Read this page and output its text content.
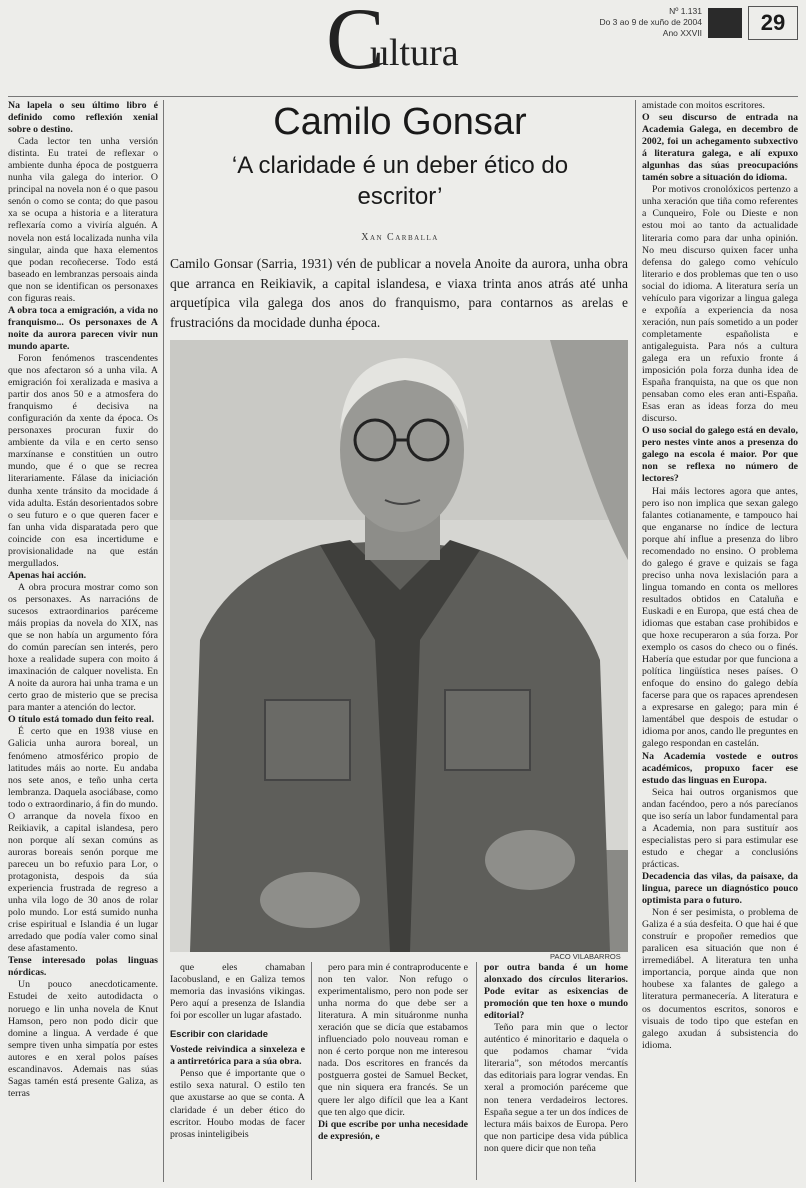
C
ultura
Nº 1.131
Do 3 ao 9 de xuño de 2004
Ano XXVII	29
Camilo Gonsar
‘A claridade é un deber ético do escritor’
Xan Carballa
Camilo Gonsar (Sarria, 1931) vén de publicar a novela Anoite da aurora, unha obra que arranca en Reikiavik, a capital islandesa, e viaxa trinta anos atrás até unha arquetípica vila galega dos anos do franquismo, para contarnos as arelas e frustracións da mocidade dunha época.
PACO VILABARROS

Na lapela o seu último libro é definido como reflexión xenial sobre o destino.

Cada lector ten unha versión distinta. Eu tratei de reflexar o ambiente dunha época de postguerra nunha vila galega do interior. O principal na novela non é o que pasou senón o como se conta; do que pasou xa se ocupa a historia e a literatura reflexaría como a viviría alguén. A novela non está localizada nunha vila singular, ainda que haxa elementos que podan recoñecerse. Todo está baseado en lembranzas persoais ainda que non se identifican os personaxes con figuras reais.

A obra toca a emigración, a vida no franquismo... Os personaxes de A noite da aurora parecen vivir nun mundo aparte.

Foron fenómenos trascendentes que nos afectaron só a unha vila. A emigración foi xeralizada e masiva a partir dos anos 50 e a atmosfera do franquismo é decisiva na configuración da xente da época. Os personaxes procuran fuxir do ambiente da vila e en certo senso marxínanse e constitúen un outro mundo, que é o que se recrea literariamente. Fálase da iniciación dunha xente tránsito da mocidade á vida adulta. Están desorientados sobre o seu futuro e o que queren facer e fan unha vida disparatada pero que coincide con esa incertidume e provisionalidade na que están mergullados.

Apenas hai acción.

A obra procura mostrar como son os personaxes. As narracións de sucesos extraordinarios paréceme máis propias da novela do XIX, nas que se non había un argumento fóra do común parecían sen interés, pero hoxe a realidade supera con moito á imaxinación de calquer novelista. En A noite da aurora hai unha trama e un certo grao de misterio que se precisa para manter a atención do lector.

O título está tomado dun feito real.

É certo que en 1938 viuse en Galicia unha aurora boreal, un fenómeno atmosférico propio de latitudes máis ao norte. Eu andaba nos sete anos, e teño unha certa lembranza. Daquela asociábase, como todo o extraordinario, á fin do mundo. O arranque da novela fíxoo en Reikiavik, a capital islandesa, pero non porque alí sexan comúns as auroras boreais senón porque me pareceu un bo refuxio para Lor, o protagonista, despois da súa experiencia frustrada de regreso a unha vila logo de 30 anos de rolar polo mundo. Lor está sumido nunha crise espiritual e Islandia é un lugar arredado que podía valer como sinal dese afastamento.

Tense interesado polas linguas nórdicas.

Un pouco anecdoticamente. Estudei de xeito autodidacta o noruego e lin unha novela de Knut Hamson, pero non podo dicir que domine a lingua. A verdade é que sempre tiven unha simpatía por estes autores e en xeral polos países escandinavos. Ademais nas súas Sagas tamén está presente Galiza, as terras

que eles chamaban Iacobusland, e en Galiza temos memoria das invasións vikingas. Pero aquí a presenza de Islandia foi por escoller un lugar afastado.

Escribir con claridade

Vostede reivindica a sinxeleza e a antirretórica para a súa obra.

Penso que é importante que o estilo sexa natural. O estilo ten que axustarse ao que se conta. A claridade é un deber ético do escritor. Houbo modas de facer prosas ininteligibeis

pero para min é contraproducente e non ten valor. Non refugo o experimentalismo, pero non pode ser unha norma do que debe ser a literatura. A min situáronme nunha xeración que se dicía que estabamos influenciado polo nouveau roman e non é certo porque non me interesou nada. Dos escritores en francés da postguerra gostei de Samuel Becket, que nin siquera era francés. Se un quere ler algo difícil que lea a Kant que ten algo que dicir.

Di que escribe por unha necesidade de expresión, e

por outra banda é un home alonxado dos círculos literarios. Pode evitar as esixencias de promoción que ten hoxe o mundo editorial?

Teño para min que o lector auténtico é minoritario e daquela o que podamos chamar “vida literaria”, son métodos mercantís das editoriais para lograr vendas. En xeral a promoción paréceme que non tenera verdadeiros lectores. España segue a ter un dos índices de lectura máis baixos de Europa. Pero que non participe desa vida pública non quere dicir que non teña

amistade con moitos escritores.

O seu discurso de entrada na Academia Galega, en decembro de 2002, foi un achegamento subxectivo á literatura galega, e alí expuxo algunhas das súas preocupacións tamén sobre a situación do idioma.

Por motivos cronolóxicos pertenzo a unha xeración que tiña como referentes a Cunqueiro, Fole ou Dieste e non estou moi ao tanto da actualidade literaria como para dar unha opinión. No meu discurso quixen facer unha defensa do galego como vehículo literario e dos problemas que ten o uso social do idioma. A literatura sería un vehículo para vigorizar a lingua galega e expoñía a experiencia da nosa xeración, nun país sometido a un poder completamente españolista e antigaleguista. Para nós a cultura galega era un refuxio fronte á imposición pola forza dunha idea de España franquista, na que os que non pensaban como eles eran anti-España. Esas eran as ideas forza do meu discurso.

O uso social do galego está en devalo, pero nestes vinte anos a presenza do galego na escola é maior. Por que non se reflexa no número de lectores?

Hai máis lectores agora que antes, pero iso non implica que sexan galego falantes cotianamente, e tampouco hai que enganarse no índice de lectura porque ahí influe a presenza do libro recomendado no ensino. O problema do galego é grave e quizais se faga preciso unha nova lexislación para a lingua tomando en conta os mellores resultados obtidos en Cataluña e Euskadi e en Europa, que está chea de idiomas que estaban case prohibidos e que hoxe recuperaron a súa forza. Por exemplo os casos do checo ou o finés. Habería que estudar por que funciona a política lingüística neses países. O enfoque do ensino do galego debía facerse para que os rapaces aprendesen a expresarse en galego; para min é lamentábel que despois de estudar o idioma por anos, cando lle preguntes en galego respondan en castelán.

Na Academia vostede e outros académicos, propuxo facer ese estudo das linguas en Europa.

Seica hai outros organismos que andan facéndoo, pero a nós parecíanos que iso sería un labor fundamental para a Academia, non para sustituír aos especialistas pero si para estimular ese estudo e chegar a conclusións prácticas.

Decadencia das vilas, da paisaxe, da lingua, parece un diagnóstico pouco optimista para o futuro.

Non é ser pesimista, o problema de Galiza é a súa desfeita. O que hai é que construír e propoñer remedios que paralicen esa situación que non é irremediábel. A literatura ten unha importancia, porque ainda que non houbese xa falantes de galego a literatura permanecería. A literatura e os documentos escritos, sonoros e visuais de todo tipo que estefan en galego axudan á subsistencia do idioma.
